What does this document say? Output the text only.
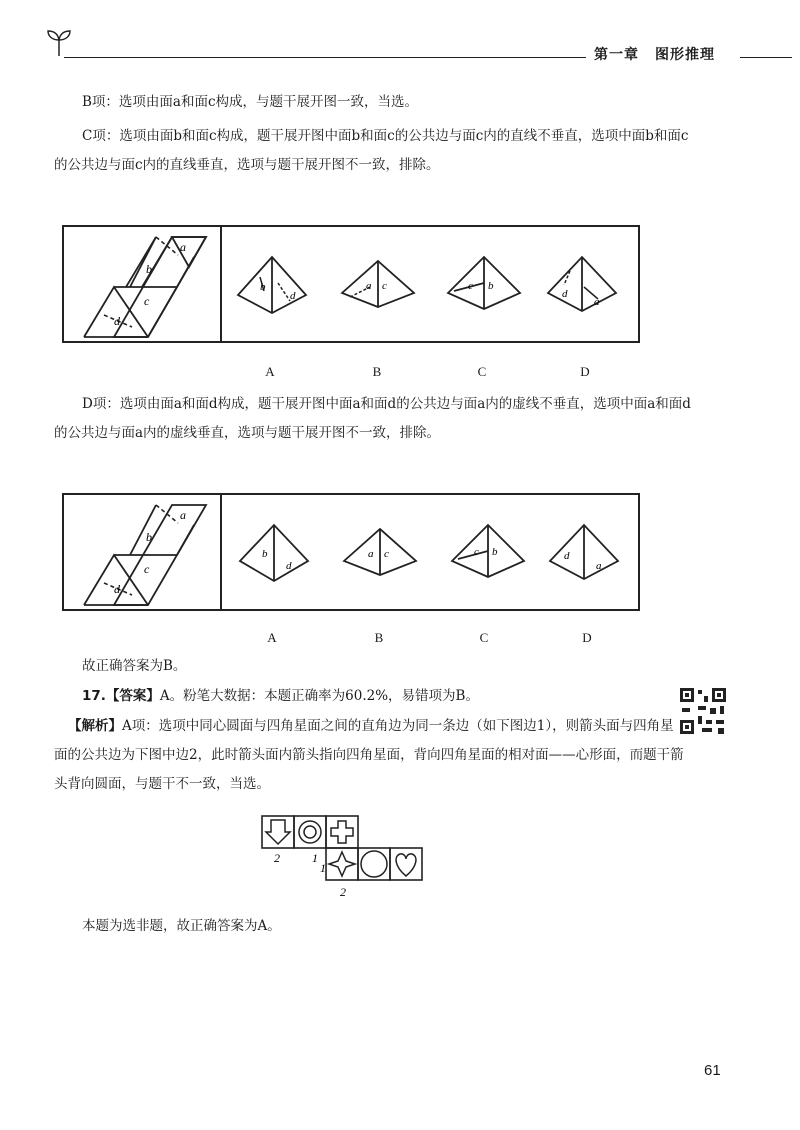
第一章 图形推理

B项：选项由面a和面c构成，与题干展开图一致，当选。

C项：选项由面b和面c构成，题干展开图中面b和面c的公共边与面c内的直线不垂直，选项中面b和面c的公共边与面c内的直线垂直，选项与题干展开图不一致，排除。

a
b
c
d
b
d
a c	c b
d
a
A	B	C	D

D项：选项由面a和面d构成，题干展开图中面a和面d的公共边与面a内的虚线不垂直，选项中面a和面d的公共边与面a内的虚线垂直，选项与题干展开图不一致，排除。

a
b
c
d
b
d
a c	c b	d
a
A	B	C	D

故正确答案为B。

17.【答案】A。粉笔大数据：本题正确率为60.2%，易错项为B。

【解析】A项：选项中同心圆面与四角星面之间的直角边为同一条边（如下图边1），则箭头面与四角星面的公共边为下图中边2，此时箭头面内箭头指向四角星面，背向四角星面的相对面——心形面，而题干箭头背向圆面，与题干不一致，当选。

2	1
1
2

本题为选非题，故正确答案为A。

61
